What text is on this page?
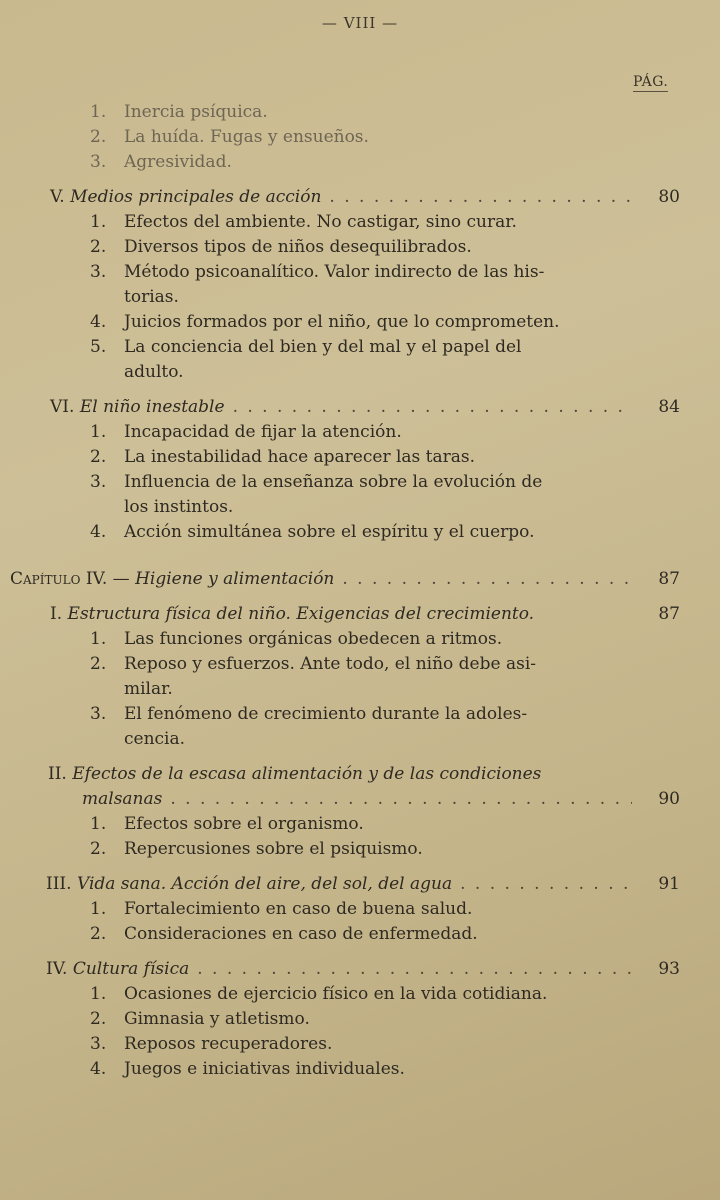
— VIII —
PÁG.
1. Inercia psíquica.
2. La huída. Fugas y ensueños.
3. Agresividad.
V.
Medios principales de acción . . .	80
1. Efectos del ambiente. No castigar, sino curar.
2. Diversos tipos de niños desequilibrados.
3. Método psicoanalítico. Valor indirecto de las his-
torias.
4. Juicios formados por el niño, que lo comprometen.
5. La conciencia del bien y del mal y el papel del
adulto.
VI.
El niño inestable . . .	84
1. Incapacidad de fijar la atención.
2. La inestabilidad hace aparecer las taras.
3. Influencia de la enseñanza sobre la evolución de
los instintos.
4. Acción simultánea sobre el espíritu y el cuerpo.
Capítulo IV. —
Higiene y alimentación . . .	87
I.
Estructura física del niño. Exigencias del crecimiento.	87
1. Las funciones orgánicas obedecen a ritmos.
2. Reposo y esfuerzos. Ante todo, el niño debe asi-
milar.
3. El fenómeno de crecimiento durante la adoles-
cencia.
II. Efectos de la escasa alimentación y de las condiciones
malsanas . . .	90
1. Efectos sobre el organismo.
2. Repercusiones sobre el psiquismo.
III.
Vida sana. Acción del aire, del sol, del agua . . .	91
1. Fortalecimiento en caso de buena salud.
2. Consideraciones en caso de enfermedad.
IV.
Cultura física . . .	93
1. Ocasiones de ejercicio físico en la vida cotidiana.
2. Gimnasia y atletismo.
3. Reposos recuperadores.
4. Juegos e iniciativas individuales.
